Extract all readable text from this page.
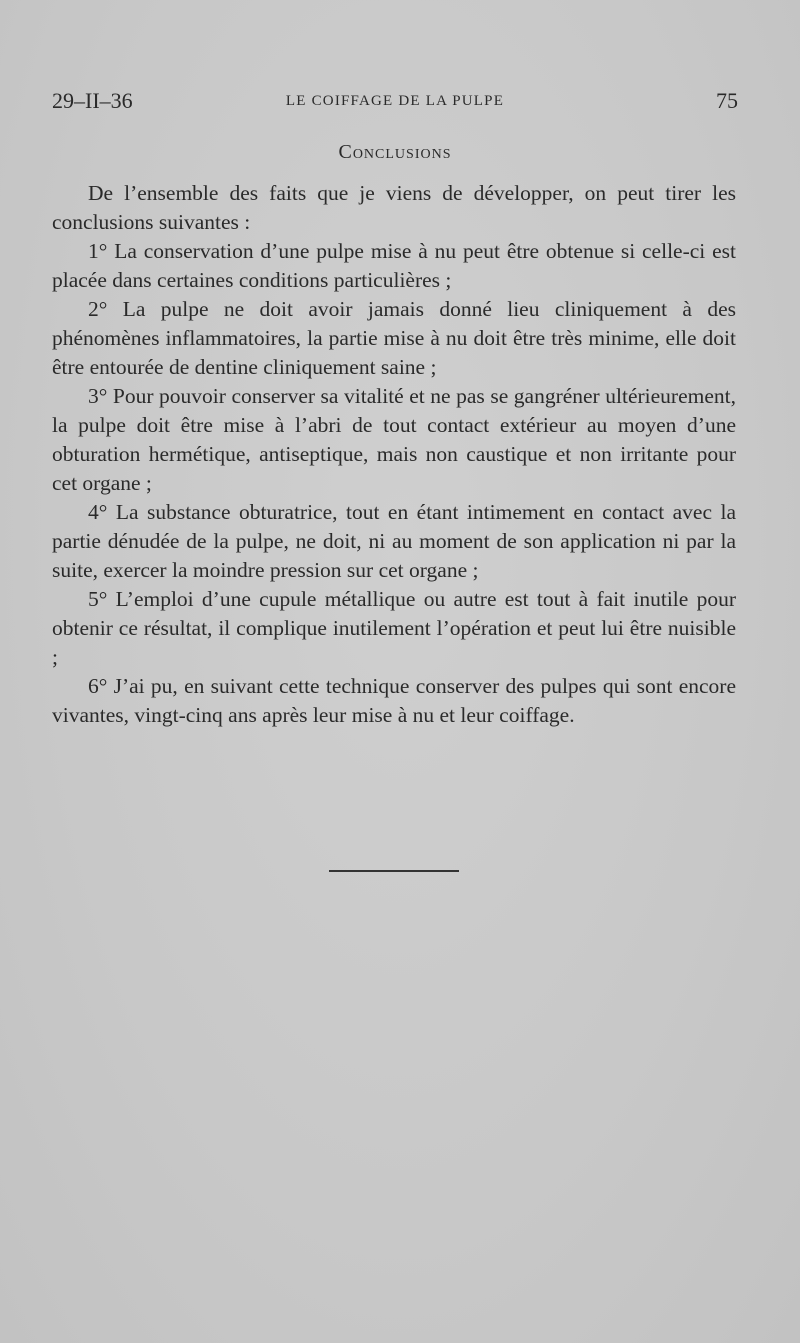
29–II–36	LE COIFFAGE DE LA PULPE	75
Conclusions

De l’ensemble des faits que je viens de développer, on peut tirer les conclusions suivantes :

1° La conservation d’une pulpe mise à nu peut être obtenue si celle-ci est placée dans certaines conditions particulières ;

2° La pulpe ne doit avoir jamais donné lieu cliniquement à des phénomènes inflammatoires, la partie mise à nu doit être très minime, elle doit être entourée de dentine cliniquement saine ;

3° Pour pouvoir conserver sa vitalité et ne pas se gangréner ultérieurement, la pulpe doit être mise à l’abri de tout contact extérieur au moyen d’une obturation hermétique, antiseptique, mais non caustique et non irritante pour cet organe ;

4° La substance obturatrice, tout en étant intimement en contact avec la partie dénudée de la pulpe, ne doit, ni au moment de son application ni par la suite, exercer la moindre pression sur cet organe ;

5° L’emploi d’une cupule métallique ou autre est tout à fait inutile pour obtenir ce résultat, il complique inutilement l’opération et peut lui être nuisible ;

6° J’ai pu, en suivant cette technique conserver des pulpes qui sont encore vivantes, vingt-cinq ans après leur mise à nu et leur coiffage.
